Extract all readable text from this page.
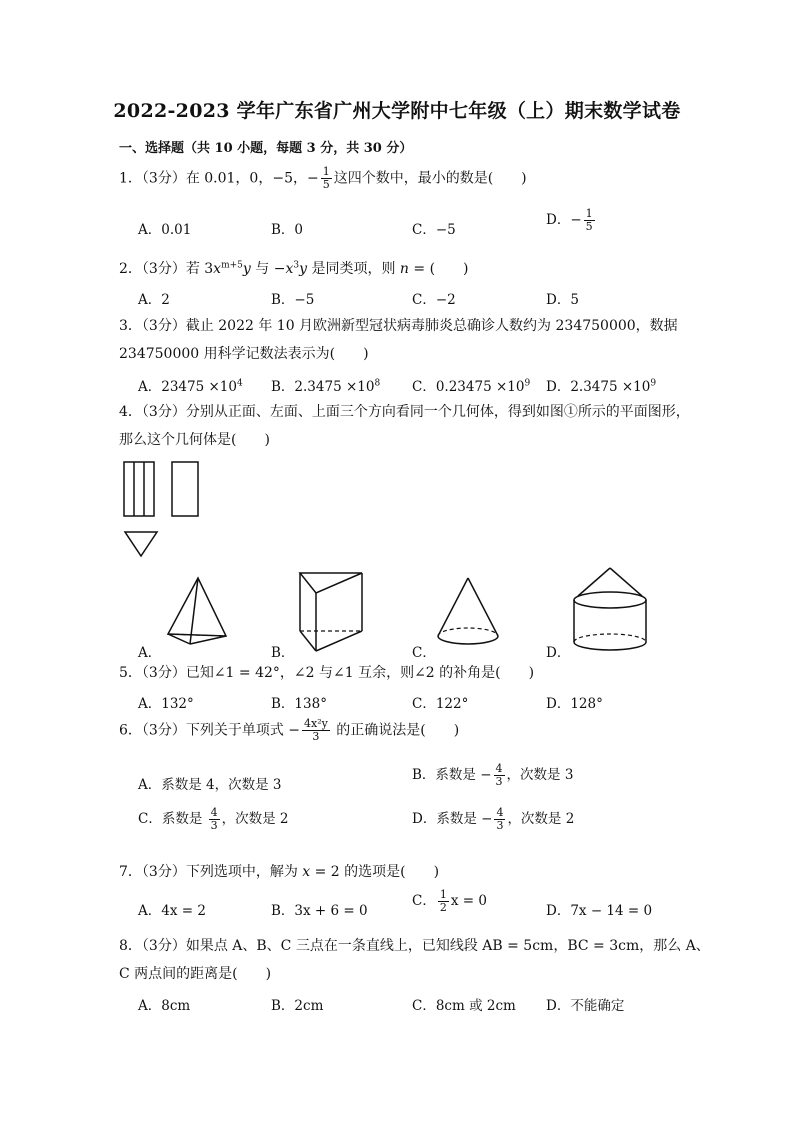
2022-2023 学年广东省广州大学附中七年级（上）期末数学试卷
一、选择题（共 10 小题，每题 3 分，共 30 分）
1．（3分）在 0.01，0，−5，− $\frac{1}{5}$ 这四个数中，最小的数是(　　)
A．0.01	B．0	C．−5
D．− $\frac{1}{5}$
2．（3分）若 $3x^{m+5}y$ 与 $-x^3y$ 是同类项，则 n = (　　)
A．2	B．−5	C．−2	D．5
3．（3分）截止 2022 年 10 月欧洲新型冠状病毒肺炎总确诊人数约为 234750000，数据
234750000 用科学记数法表示为(　　)
A．$23475 \times 10^4$ B．$2.3475 \times 10^8$ C．$0.23475 \times 10^9$ D．$2.3475 \times 10^9$
4．（3分）分别从正面、左面、上面三个方向看同一个几何体，得到如图①所示的平面图形，
那么这个几何体是(　　)
A．	B．	C．	D．
5．（3分）已知∠1 = 42°，∠2 与∠1 互余，则∠2 的补角是(　　)
A．132°	B．138°	C．122°	D．128°
6．（3分）下列关于单项式 − $\frac{\text{4x²y}}{3}$ 的正确说法是(　　)
A．系数是 4，次数是 3
B．系数是 − $\frac{4}{3}$ ，次数是 3
C．系数是 $\frac{4}{3}$ ，次数是 2	D．系数是 − $\frac{4}{3}$ ，次数是 2
7．（3分）下列选项中，解为 x = 2 的选项是(　　)
A．4x = 2	B．3x + 6 = 0
C． $\frac{1}{2}$ x = 0
D．7x − 14 = 0
8．（3分）如果点 A、B、C 三点在一条直线上，已知线段 AB = 5cm，BC = 3cm，那么 A、
C 两点间的距离是(　　)
A．8cm	B．2cm	C．8cm 或 2cm D．不能确定
